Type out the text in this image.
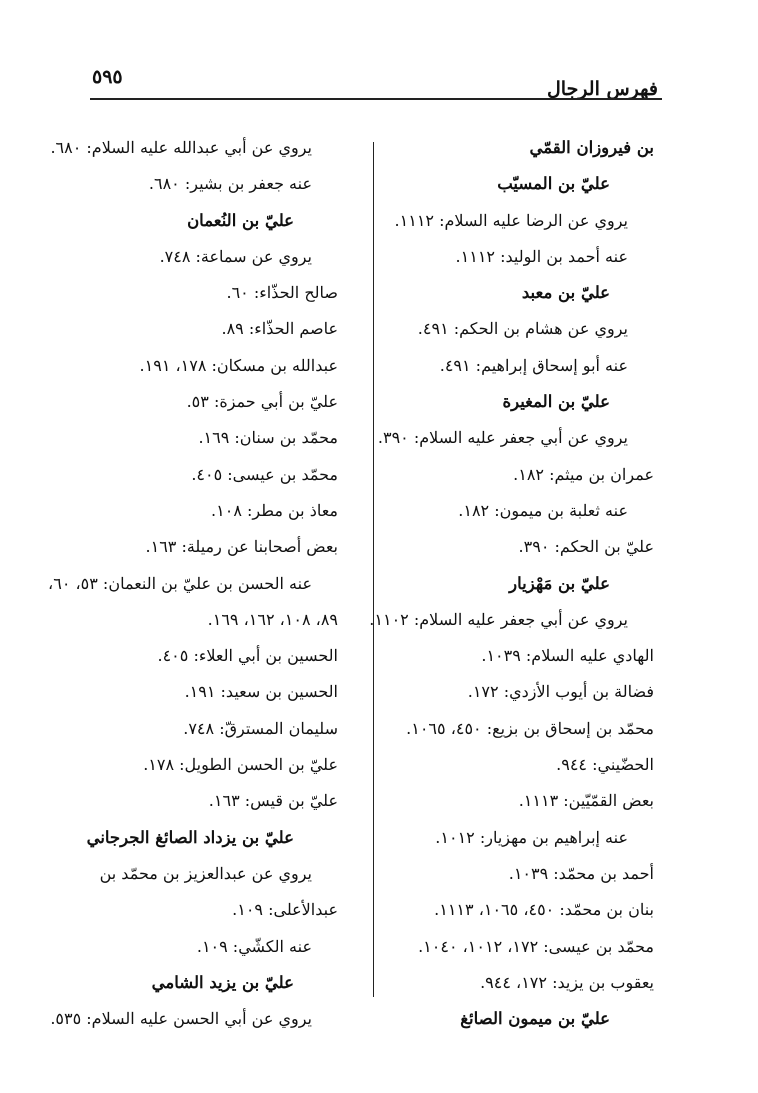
٥٩٥
فهرس الرجال
بن فيروزان القمّي
عليّ بن المسيّب
يروي عن الرضا عليه السلام: ١١١٢.
عنه أحمد بن الوليد: ١١١٢.
عليّ بن معبد
يروي عن هشام بن الحكم: ٤٩١.
عنه أبو إسحاق إبراهيم: ٤٩١.
عليّ بن المغيرة
يروي عن أبي جعفر عليه السلام: ٣٩٠.
عمران بن ميثم: ١٨٢.
عنه ثعلبة بن ميمون: ١٨٢.
عليّ بن الحكم: ٣٩٠.
عليّ بن مَهْزيار
يروي عن أبي جعفر عليه السلام: ١١٠٢.
الهادي عليه السلام: ١٠٣٩.
فضالة بن أيوب الأزدي: ١٧٢.
محمّد بن إسحاق بن بزيع: ٤٥٠، ١٠٦٥.
الحضّيني: ٩٤٤.
بعض القمّيّين: ١١١٣.
عنه إبراهيم بن مهزيار: ١٠١٢.
أحمد بن محمّد: ١٠٣٩.
بنان بن محمّد: ٤٥٠، ١٠٦٥، ١١١٣.
محمّد بن عيسى: ١٧٢، ١٠١٢، ١٠٤٠.
يعقوب بن يزيد: ١٧٢، ٩٤٤.
عليّ بن ميمون الصائغ
يروي عن أبي عبدالله عليه السلام: ٦٨٠.
عنه جعفر بن بشير: ٦٨٠.
عليّ بن النُعمان
يروي عن سماعة: ٧٤٨.
صالح الحذّاء: ٦٠.
عاصم الحذّاء: ٨٩.
عبدالله بن مسكان: ١٧٨، ١٩١.
عليّ بن أبي حمزة: ٥٣.
محمّد بن سنان: ١٦٩.
محمّد بن عيسى: ٤٠٥.
معاذ بن مطر: ١٠٨.
بعض أصحابنا عن رميلة: ١٦٣.
عنه الحسن بن عليّ بن النعمان: ٥٣، ٦٠،
٨٩، ١٠٨، ١٦٢، ١٦٩.
الحسين بن أبي العلاء: ٤٠٥.
الحسين بن سعيد: ١٩١.
سليمان المسترقّ: ٧٤٨.
عليّ بن الحسن الطويل: ١٧٨.
عليّ بن قيس: ١٦٣.
عليّ بن يزداد الصائغ الجرجاني
يروي عن عبدالعزيز بن محمّد بن
عبدالأعلى: ١٠٩.
عنه الكشّي: ١٠٩.
عليّ بن يزيد الشامي
يروي عن أبي الحسن عليه السلام: ٥٣٥.
